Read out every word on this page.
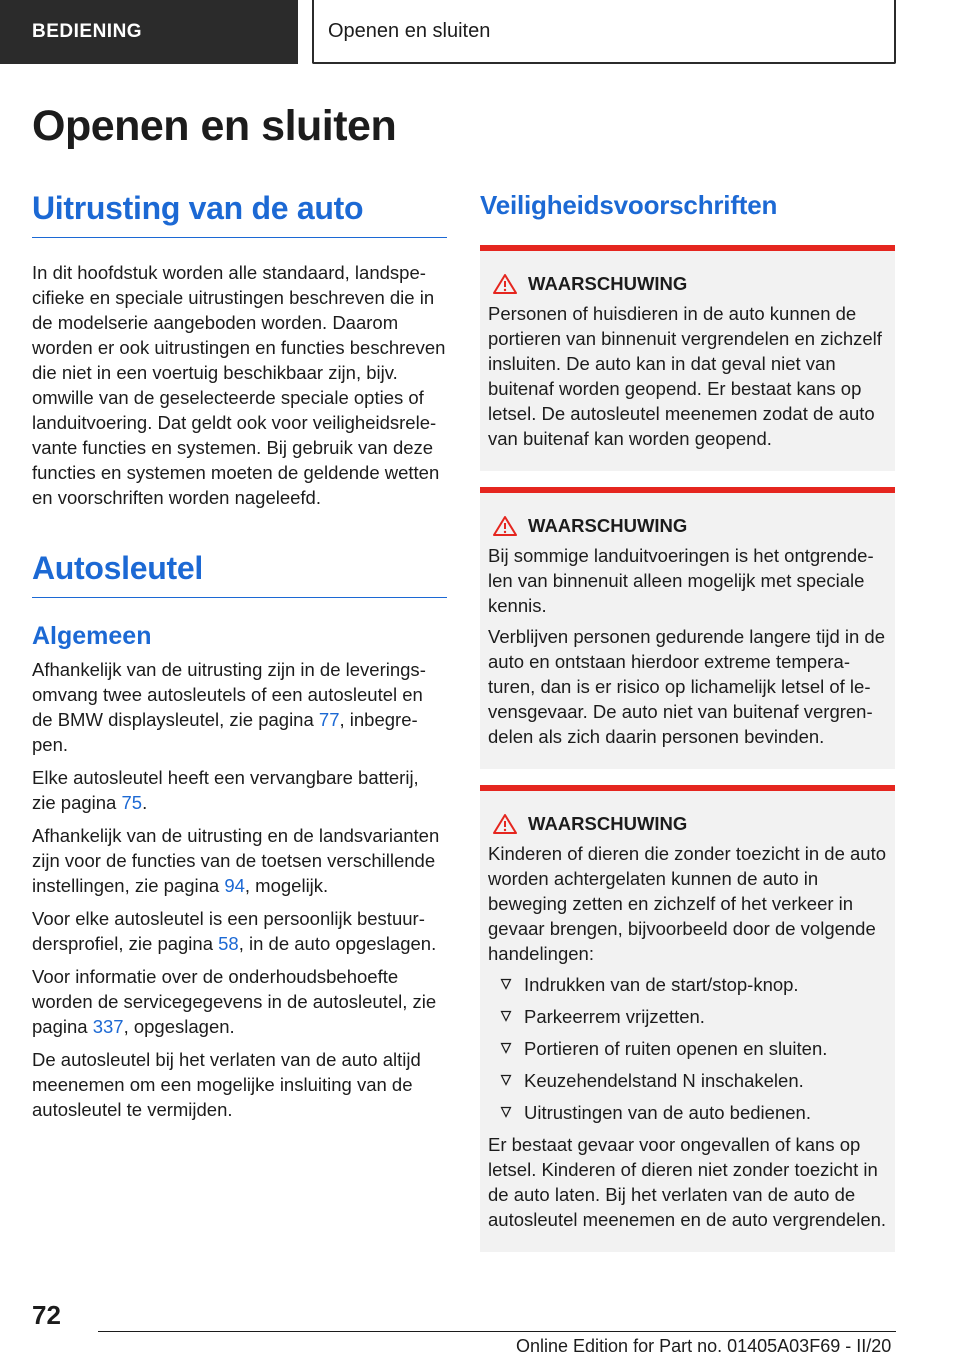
BEDIENING	Openen en sluiten
Openen en sluiten
Uitrusting van de auto

In dit hoofdstuk worden alle standaard, landspecifieke en speciale uitrustingen beschreven die in de modelserie aangeboden worden. Daarom worden er ook uitrustingen en functies beschreven die niet in een voertuig beschikbaar zijn, bijv. omwille van de geselecteerde speciale opties of landuitvoering. Dat geldt ook voor veiligheidsrelevante functies en systemen. Bij gebruik van deze functies en systemen moeten de geldende wetten en voorschriften worden nageleefd.

Autosleutel
Algemeen

Afhankelijk van de uitrusting zijn in de leveringsomvang twee autosleutels of een autosleutel en de BMW displaysleutel, zie pagina 77, inbegrepen.

Elke autosleutel heeft een vervangbare batterij, zie pagina 75.

Afhankelijk van de uitrusting en de landsvarianten zijn voor de functies van de toetsen verschillende instellingen, zie pagina 94, mogelijk.

Voor elke autosleutel is een persoonlijk bestuurdersprofiel, zie pagina 58, in de auto opgeslagen.

Voor informatie over de onderhoudsbehoefte worden de servicegegevens in de autosleutel, zie pagina 337, opgeslagen.

De autosleutel bij het verlaten van de auto altijd meenemen om een mogelijke insluiting van de autosleutel te vermijden.

Veiligheidsvoorschriften
WAARSCHUWING

Personen of huisdieren in de auto kunnen de portieren van binnenuit vergrendelen en zichzelf insluiten. De auto kan in dat geval niet van buitenaf worden geopend. Er bestaat kans op letsel. De autosleutel meenemen zodat de auto van buitenaf kan worden geopend.

WAARSCHUWING

Bij sommige landuitvoeringen is het ontgrendelen van binnenuit alleen mogelijk met speciale kennis.

Verblijven personen gedurende langere tijd in de auto en ontstaan hierdoor extreme temperaturen, dan is er risico op lichamelijk letsel of levensgevaar. De auto niet van buitenaf vergrendelen als zich daarin personen bevinden.

WAARSCHUWING

Kinderen of dieren die zonder toezicht in de auto worden achtergelaten kunnen de auto in beweging zetten en zichzelf of het verkeer in gevaar brengen, bijvoorbeeld door de volgende handelingen:

Indrukken van de start/stop-knop.
Parkeerrem vrijzetten.
Portieren of ruiten openen en sluiten.
Keuzehendelstand N inschakelen.
Uitrustingen van de auto bedienen.

Er bestaat gevaar voor ongevallen of kans op letsel. Kinderen of dieren niet zonder toezicht in de auto laten. Bij het verlaten van de auto de autosleutel meenemen en de auto vergrendelen.

72
Online Edition for Part no. 01405A03F69 - II/20
